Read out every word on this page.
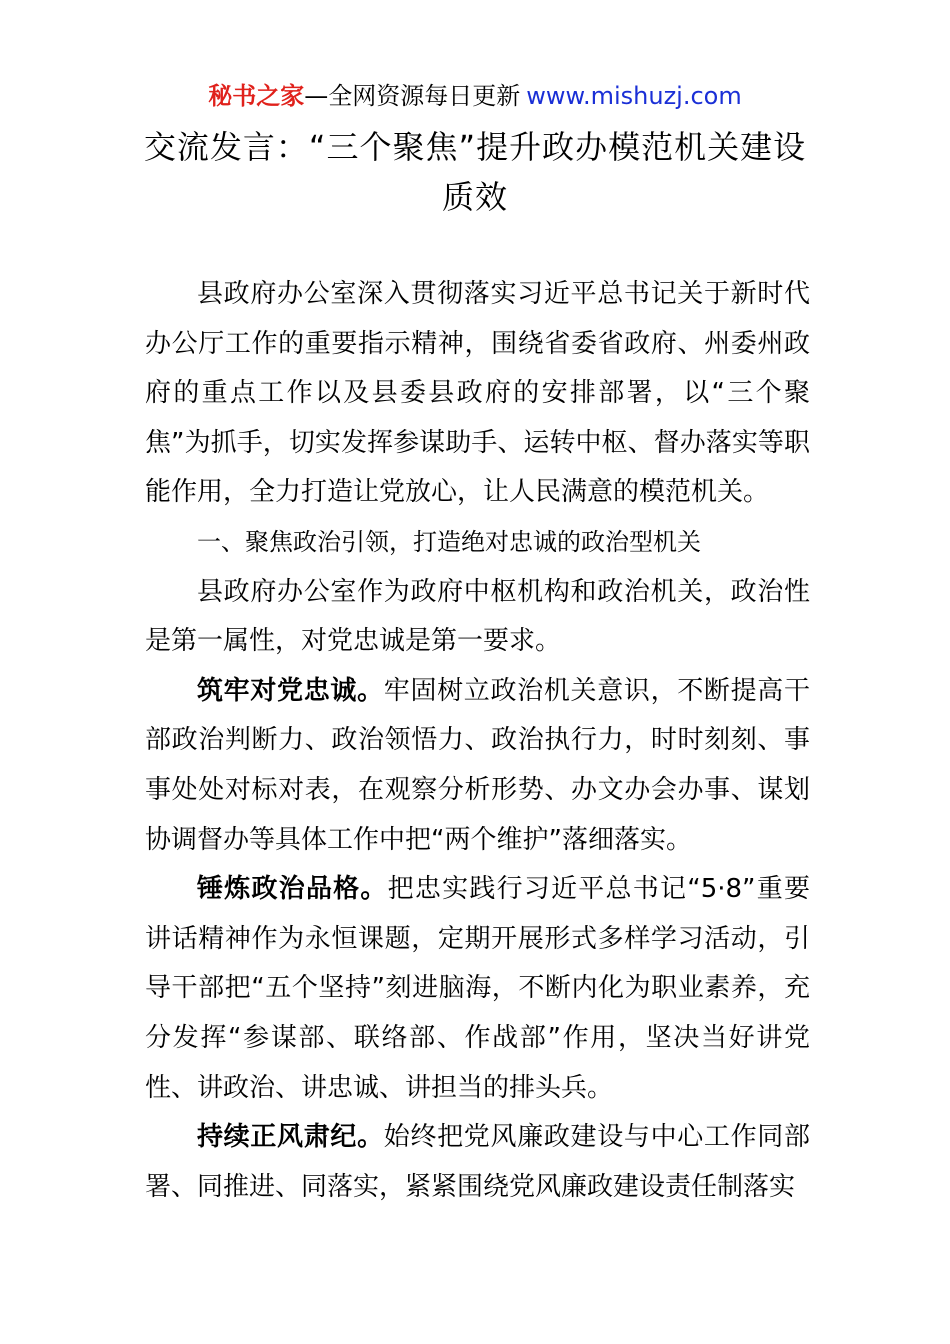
秘书之家—全网资源每日更新 www.mishuzj.com
交流发言：“三个聚焦”提升政办模范机关建设质效

县政府办公室深入贯彻落实习近平总书记关于新时代办公厅工作的重要指示精神，围绕省委省政府、州委州政府的重点工作以及县委县政府的安排部署，以“三个聚焦”为抓手，切实发挥参谋助手、运转中枢、督办落实等职能作用，全力打造让党放心，让人民满意的模范机关。

一、聚焦政治引领，打造绝对忠诚的政治型机关

县政府办公室作为政府中枢机构和政治机关，政治性是第一属性，对党忠诚是第一要求。

筑牢对党忠诚。牢固树立政治机关意识，不断提高干部政治判断力、政治领悟力、政治执行力，时时刻刻、事事处处对标对表，在观察分析形势、办文办会办事、谋划协调督办等具体工作中把“两个维护”落细落实。

锤炼政治品格。把忠实践行习近平总书记“5·8”重要讲话精神作为永恒课题，定期开展形式多样学习活动，引导干部把“五个坚持”刻进脑海，不断内化为职业素养，充分发挥“参谋部、联络部、作战部”作用，坚决当好讲党性、讲政治、讲忠诚、讲担当的排头兵。

持续正风肃纪。始终把党风廉政建设与中心工作同部署、同推进、同落实，紧紧围绕党风廉政建设责任制落实
